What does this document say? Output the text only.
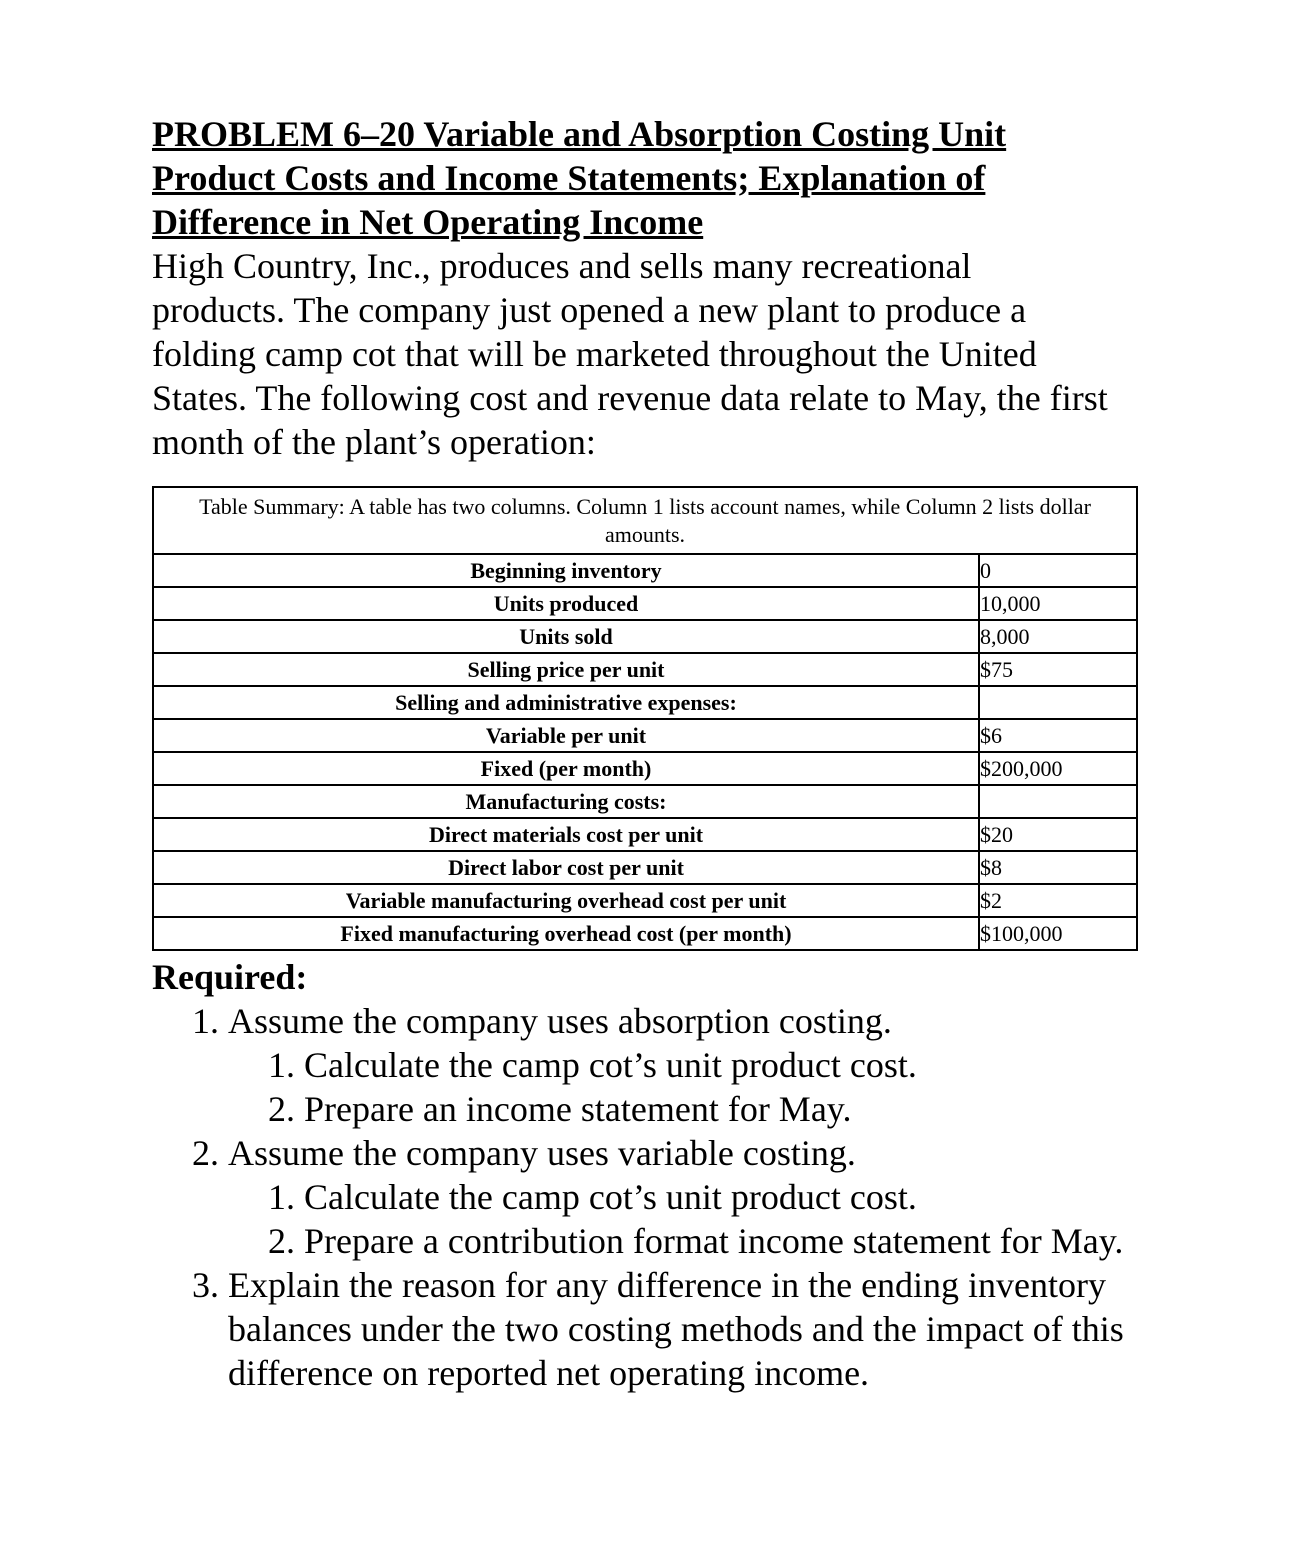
PROBLEM 6–20 Variable and Absorption Costing Unit Product Costs and Income Statements; Explanation of Difference in Net Operating Income

High Country, Inc., produces and sells many recreational products. The company just opened a new plant to produce a folding camp cot that will be marketed throughout the United States. The following cost and revenue data relate to May, the first month of the plant’s operation:

Table Summary: A table has two columns. Column 1 lists account names, while Column 2 lists dollar amounts.
Beginning inventory	0
Units produced	10,000
Units sold	8,000
Selling price per unit	$75
Selling and administrative expenses:	
Variable per unit	$6
Fixed (per month)	$200,000
Manufacturing costs:	
Direct materials cost per unit	$20
Direct labor cost per unit	$8
Variable manufacturing overhead cost per unit	$2
Fixed manufacturing overhead cost (per month)	$100,000
Required:
1. Assume the company uses absorption costing.
1. Calculate the camp cot’s unit product cost.
2. Prepare an income statement for May.
2. Assume the company uses variable costing.
1. Calculate the camp cot’s unit product cost.
2. Prepare a contribution format income statement for May.
3. Explain the reason for any difference in the ending inventory balances under the two costing methods and the impact of this difference on reported net operating income.
